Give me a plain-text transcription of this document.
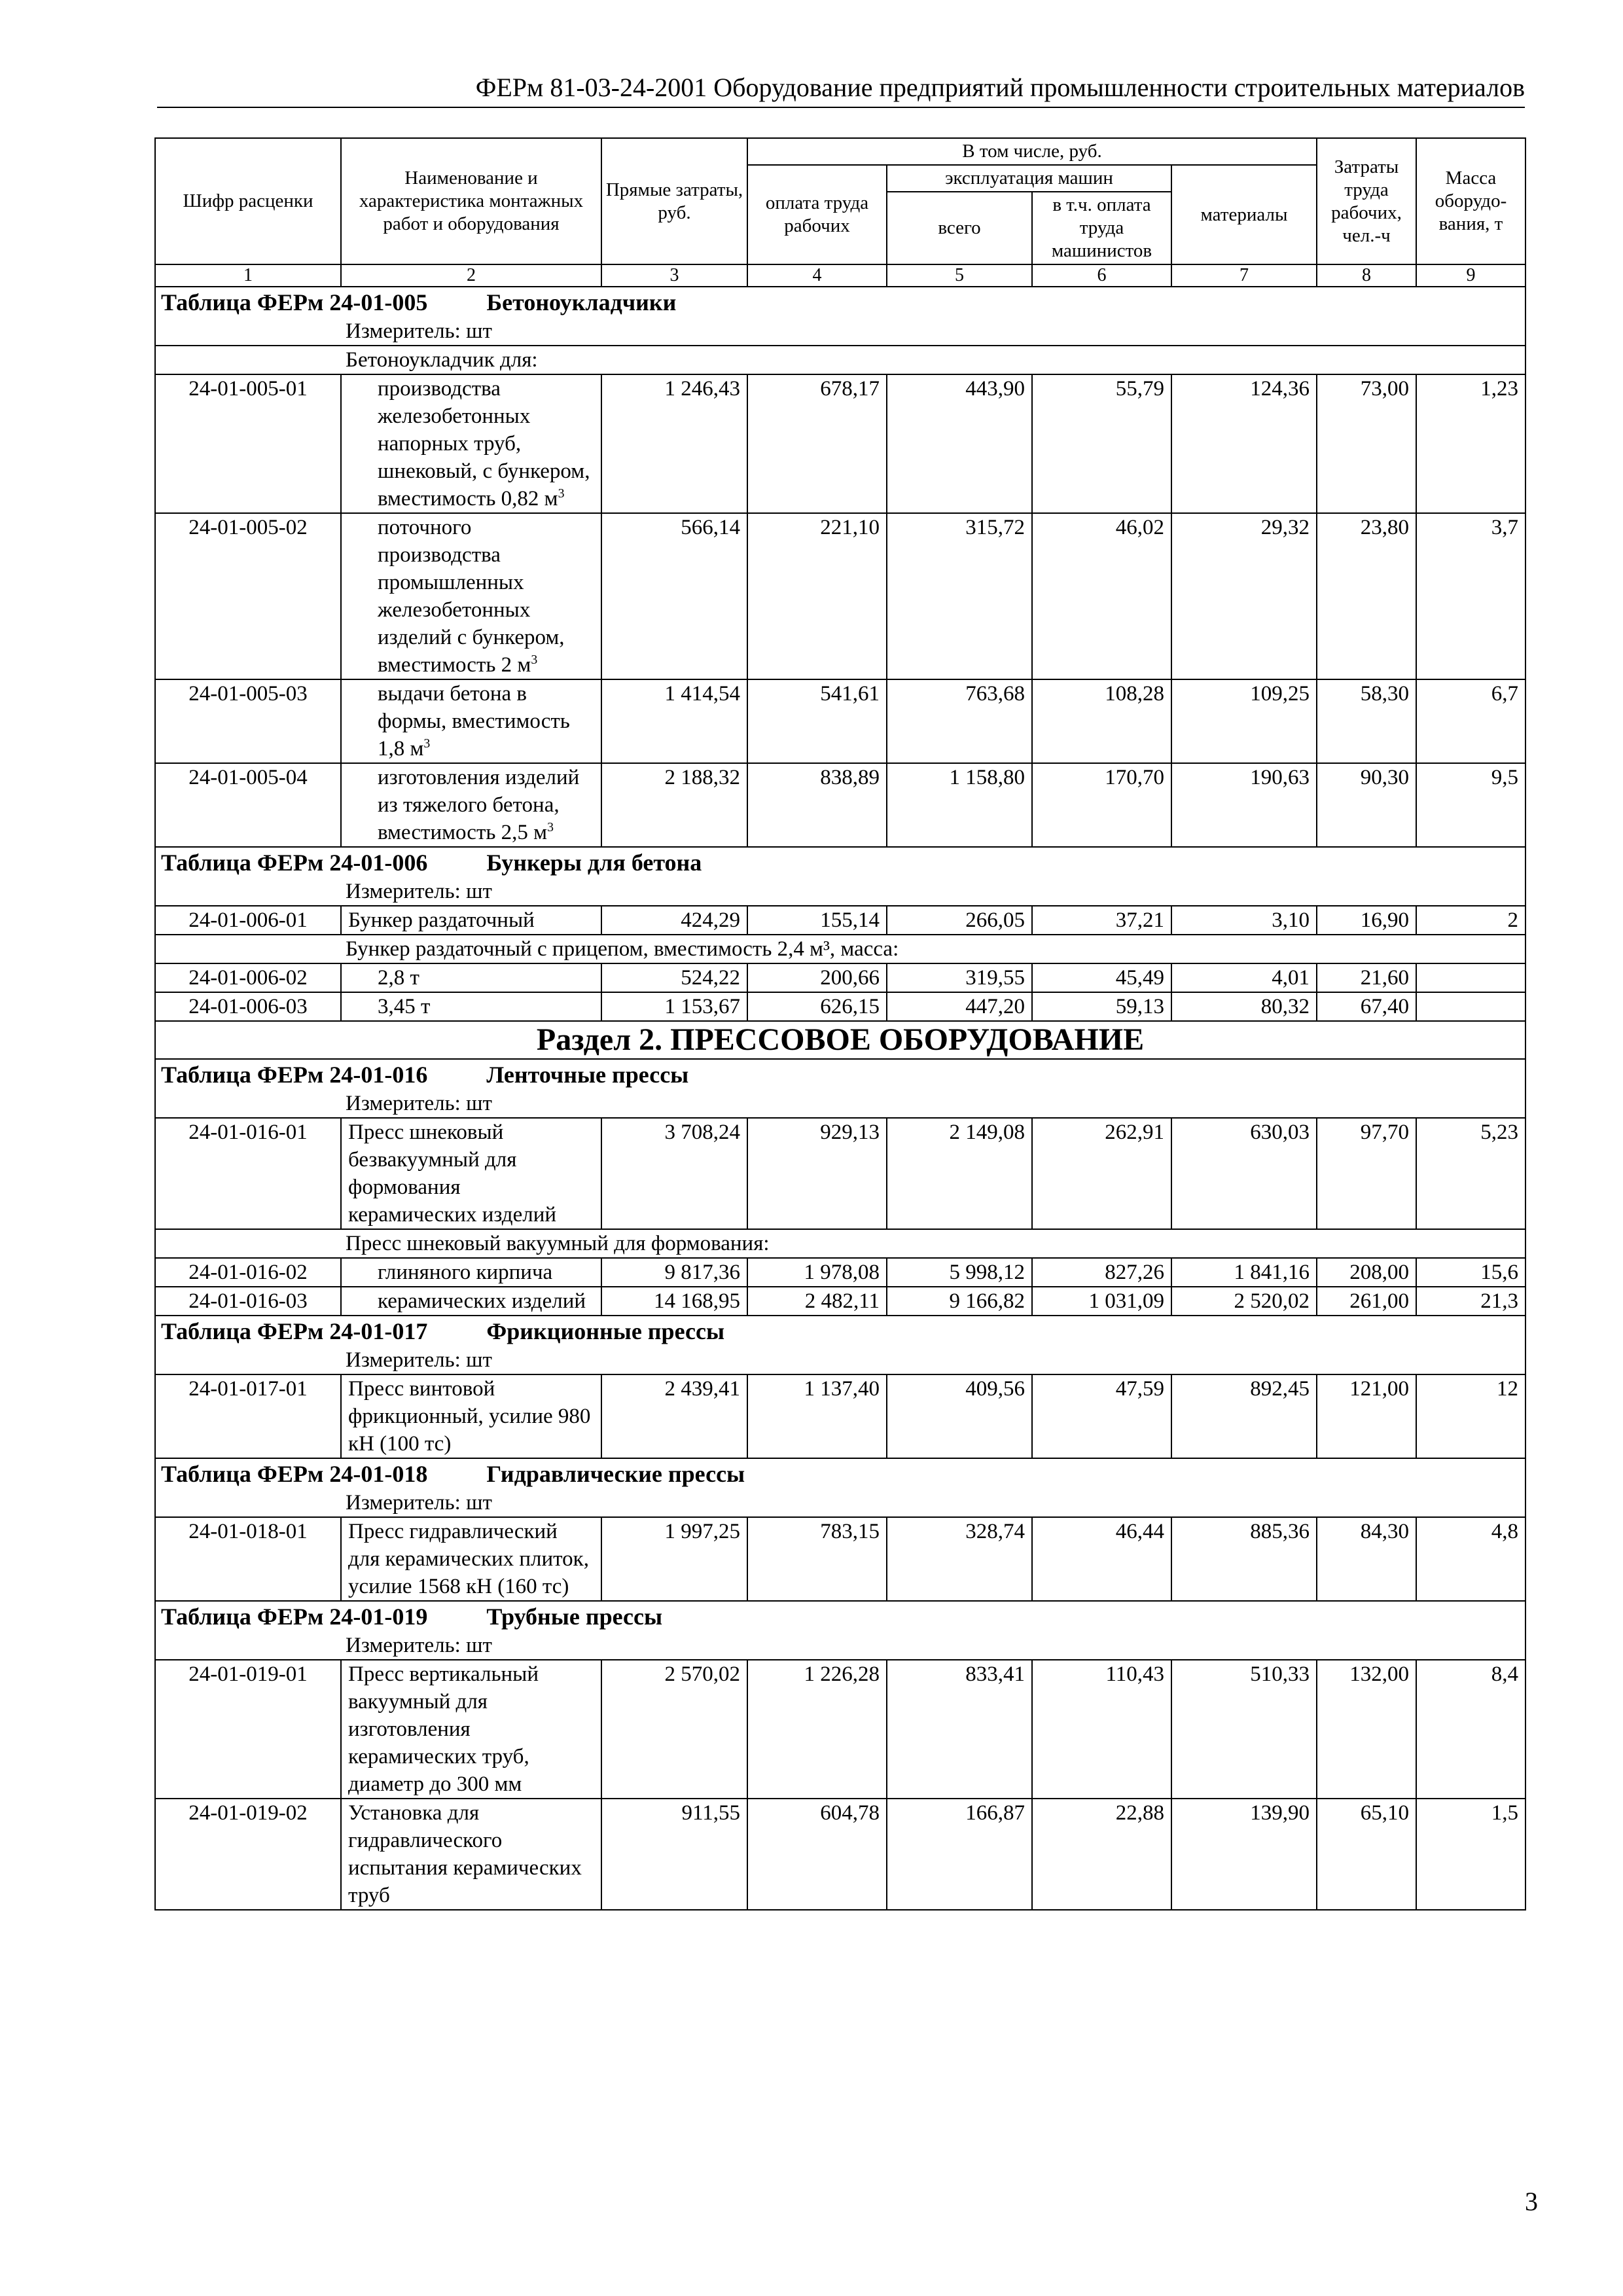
ФЕРм 81-03-24-2001 Оборудование предприятий промышленности строительных материалов
Шифр расценки	Наименование и характеристика монтажных работ и оборудования	Прямые затраты, руб.	В том числе, руб.				Затраты труда рабочих, чел.-ч	Масса оборудо-вания, т
			оплата труда рабочих	эксплуатация машин		материалы		
				всего	в т.ч. оплата труда машинистов			
1	2	3	4	5	6	7	8	9
Таблица ФЕРм 24-01-005 Бетоноукладчики								
Измеритель: шт								
Бетоноукладчик для:								
24-01-005-01	производства железобетонных напорных труб, шнековый, с бункером, вместимость 0,82 $м^3$	1 246,43	678,17	443,90	55,79	124,36	73,00	1,23
24-01-005-02	поточного производства промышленных железобетонных изделий с бункером, вместимость 2 $м^3$	566,14	221,10	315,72	46,02	29,32	23,80	3,7
24-01-005-03	выдачи бетона в формы, вместимость 1,8 $м^3$	1 414,54	541,61	763,68	108,28	109,25	58,30	6,7
24-01-005-04	изготовления изделий из тяжелого бетона, вместимость 2,5 $м^3$	2 188,32	838,89	1 158,80	170,70	190,63	90,30	9,5
Таблица ФЕРм 24-01-006 Бункеры для бетона								
Измеритель: шт								
24-01-006-01	Бункер раздаточный	424,29	155,14	266,05	37,21	3,10	16,90	2
Бункер раздаточный с прицепом, вместимость 2,4 м³, масса:								
24-01-006-02	2,8 т	524,22	200,66	319,55	45,49	4,01	21,60	
24-01-006-03	3,45 т	1 153,67	626,15	447,20	59,13	80,32	67,40	
Раздел 2. ПРЕССОВОЕ ОБОРУДОВАНИЕ								
Таблица ФЕРм 24-01-016 Ленточные прессы								
Измеритель: шт								
24-01-016-01	Пресс шнековый безвакуумный для формования керамических изделий	3 708,24	929,13	2 149,08	262,91	630,03	97,70	5,23
Пресс шнековый вакуумный для формования:								
24-01-016-02	глиняного кирпича	9 817,36	1 978,08	5 998,12	827,26	1 841,16	208,00	15,6
24-01-016-03	керамических изделий	14 168,95	2 482,11	9 166,82	1 031,09	2 520,02	261,00	21,3
Таблица ФЕРм 24-01-017 Фрикционные прессы								
Измеритель: шт								
24-01-017-01	Пресс винтовой фрикционный, усилие 980 кН (100 тс)	2 439,41	1 137,40	409,56	47,59	892,45	121,00	12
Таблица ФЕРм 24-01-018 Гидравлические прессы								
Измеритель: шт								
24-01-018-01	Пресс гидравлический для керамических плиток, усилие 1568 кН (160 тс)	1 997,25	783,15	328,74	46,44	885,36	84,30	4,8
Таблица ФЕРм 24-01-019 Трубные прессы								
Измеритель: шт								
24-01-019-01	Пресс вертикальный вакуумный для изготовления керамических труб, диаметр до 300 мм	2 570,02	1 226,28	833,41	110,43	510,33	132,00	8,4
24-01-019-02	Установка для гидравлического испытания керамических труб	911,55	604,78	166,87	22,88	139,90	65,10	1,5
3
